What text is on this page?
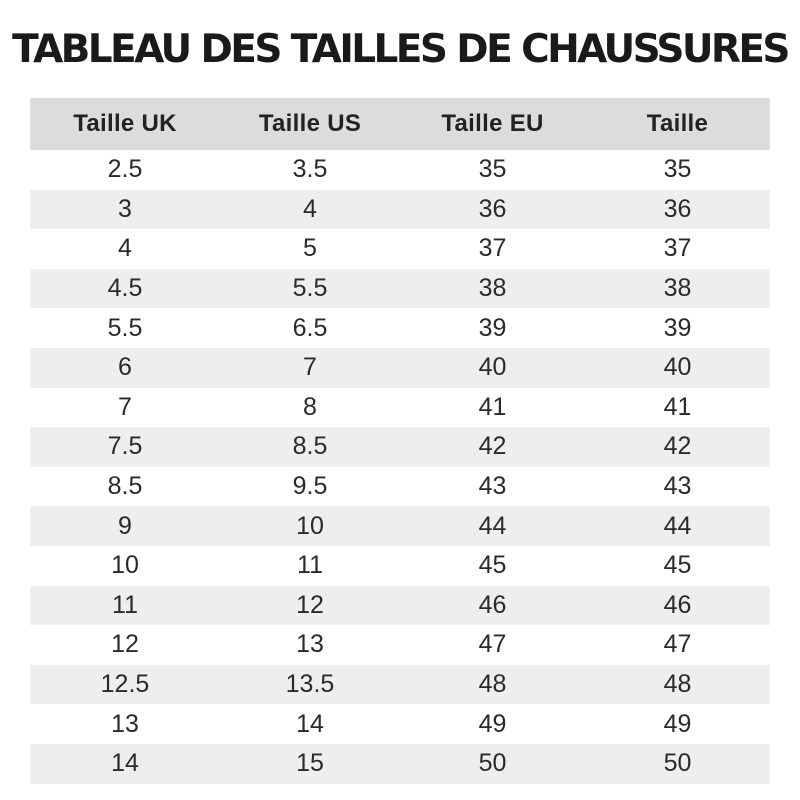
TABLEAU DES TAILLES DE CHAUSSURES
Taille UK	Taille US	Taille EU	Taille
2.5	3.5	35	35
3	4	36	36
4	5	37	37
4.5	5.5	38	38
5.5	6.5	39	39
6	7	40	40
7	8	41	41
7.5	8.5	42	42
8.5	9.5	43	43
9	10	44	44
10	11	45	45
11	12	46	46
12	13	47	47
12.5	13.5	48	48
13	14	49	49
14	15	50	50
